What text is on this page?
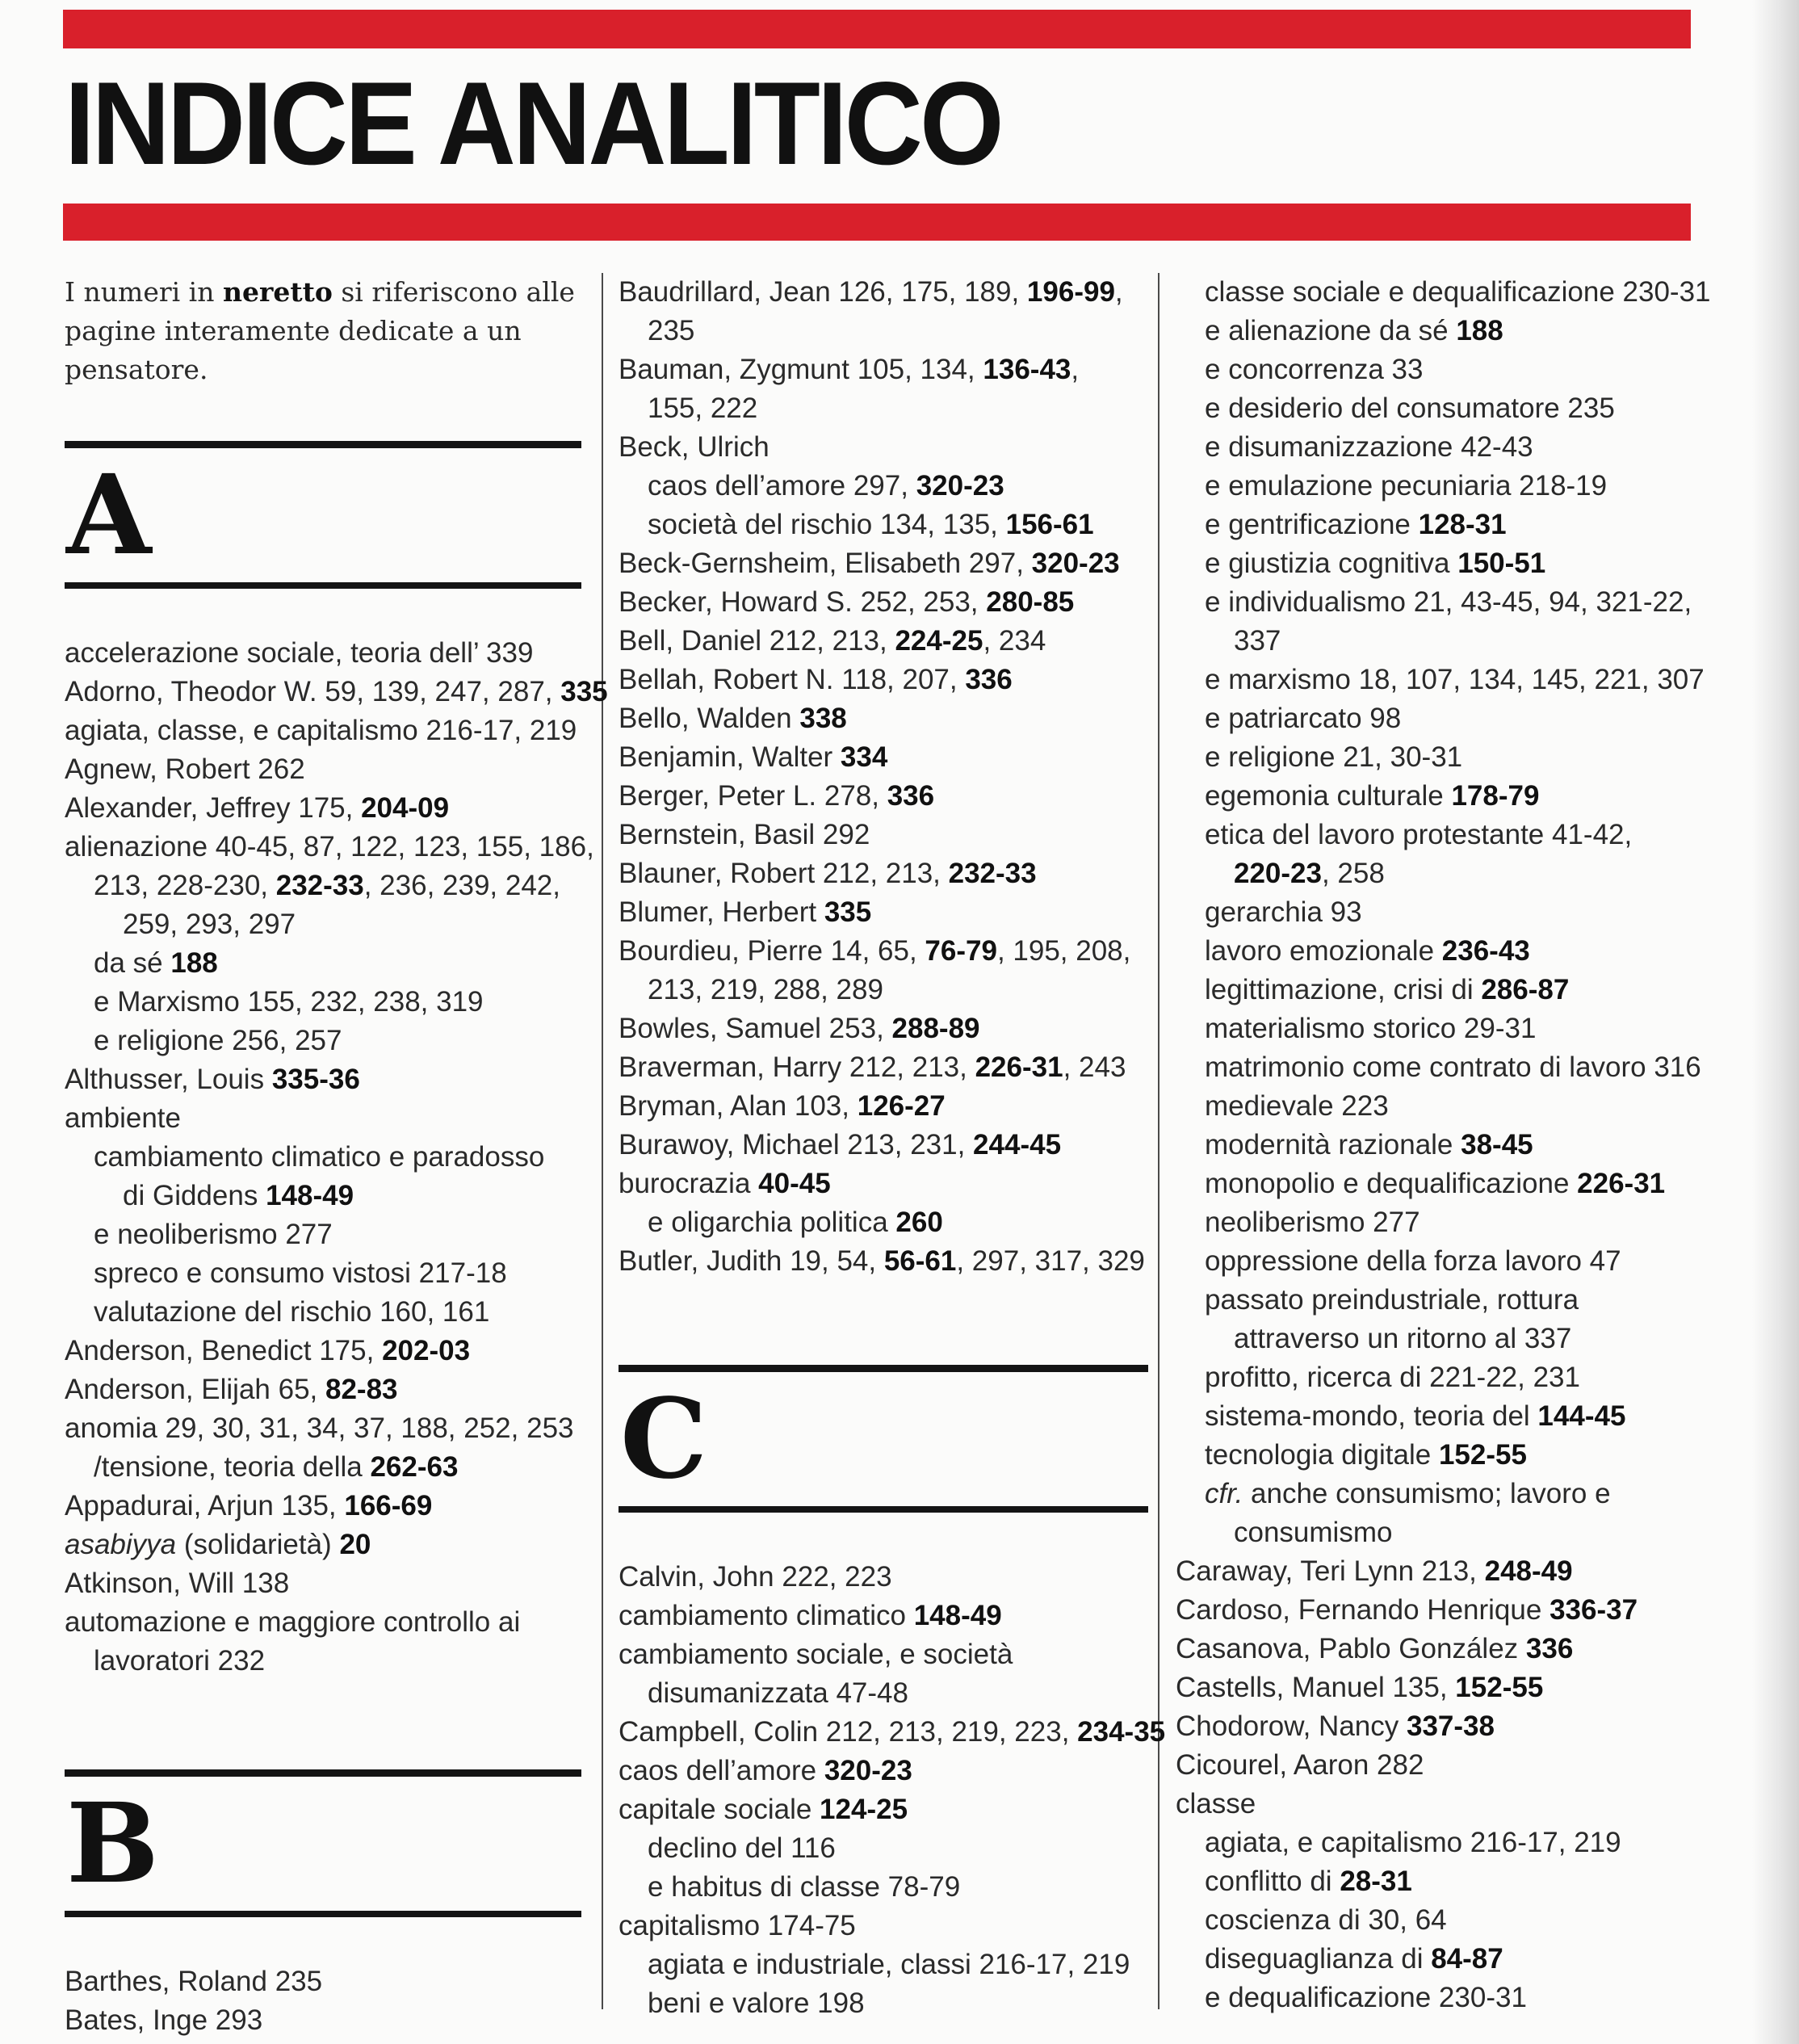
INDICE ANALITICO
I numeri in neretto si riferiscono alle
pagine interamente dedicate a un
pensatore.
A
accelerazione sociale, teoria dell’ 339
Adorno, Theodor W. 59, 139, 247, 287, 335
agiata, classe, e capitalismo 216-17, 219
Agnew, Robert 262
Alexander, Jeffrey 175, 204-09
alienazione 40-45, 87, 122, 123, 155, 186,
213, 228-230, 232-33, 236, 239, 242,
259, 293, 297
da sé 188
e Marxismo 155, 232, 238, 319
e religione 256, 257
Althusser, Louis 335-36
ambiente
cambiamento climatico e paradosso
di Giddens 148-49
e neoliberismo 277
spreco e consumo vistosi 217-18
valutazione del rischio 160, 161
Anderson, Benedict 175, 202-03
Anderson, Elijah 65, 82-83
anomia 29, 30, 31, 34, 37, 188, 252, 253
/tensione, teoria della 262-63
Appadurai, Arjun 135, 166-69
asabiyya (solidarietà) 20
Atkinson, Will 138
automazione e maggiore controllo ai
lavoratori 232
B
Barthes, Roland 235
Bates, Inge 293
Baudrillard, Jean 126, 175, 189, 196-99,
235
Bauman, Zygmunt 105, 134, 136-43,
155, 222
Beck, Ulrich
caos dell’amore 297, 320-23
società del rischio 134, 135, 156-61
Beck-Gernsheim, Elisabeth 297, 320-23
Becker, Howard S. 252, 253, 280-85
Bell, Daniel 212, 213, 224-25, 234
Bellah, Robert N. 118, 207, 336
Bello, Walden 338
Benjamin, Walter 334
Berger, Peter L. 278, 336
Bernstein, Basil 292
Blauner, Robert 212, 213, 232-33
Blumer, Herbert 335
Bourdieu, Pierre 14, 65, 76-79, 195, 208,
213, 219, 288, 289
Bowles, Samuel 253, 288-89
Braverman, Harry 212, 213, 226-31, 243
Bryman, Alan 103, 126-27
Burawoy, Michael 213, 231, 244-45
burocrazia 40-45
e oligarchia politica 260
Butler, Judith 19, 54, 56-61, 297, 317, 329
C
Calvin, John 222, 223
cambiamento climatico 148-49
cambiamento sociale, e società
disumanizzata 47-48
Campbell, Colin 212, 213, 219, 223, 234-35
caos dell’amore 320-23
capitale sociale 124-25
declino del 116
e habitus di classe 78-79
capitalismo 174-75
agiata e industriale, classi 216-17, 219
beni e valore 198
classe sociale e dequalificazione 230-31
e alienazione da sé 188
e concorrenza 33
e desiderio del consumatore 235
e disumanizzazione 42-43
e emulazione pecuniaria 218-19
e gentrificazione 128-31
e giustizia cognitiva 150-51
e individualismo 21, 43-45, 94, 321-22,
337
e marxismo 18, 107, 134, 145, 221, 307
e patriarcato 98
e religione 21, 30-31
egemonia culturale 178-79
etica del lavoro protestante 41-42,
220-23, 258
gerarchia 93
lavoro emozionale 236-43
legittimazione, crisi di 286-87
materialismo storico 29-31
matrimonio come contrato di lavoro 316
medievale 223
modernità razionale 38-45
monopolio e dequalificazione 226-31
neoliberismo 277
oppressione della forza lavoro 47
passato preindustriale, rottura
attraverso un ritorno al 337
profitto, ricerca di 221-22, 231
sistema-mondo, teoria del 144-45
tecnologia digitale 152-55
cfr. anche consumismo; lavoro e
consumismo
Caraway, Teri Lynn 213, 248-49
Cardoso, Fernando Henrique 336-37
Casanova, Pablo González 336
Castells, Manuel 135, 152-55
Chodorow, Nancy 337-38
Cicourel, Aaron 282
classe
agiata, e capitalismo 216-17, 219
conflitto di 28-31
coscienza di 30, 64
diseguaglianza di 84-87
e dequalificazione 230-31
